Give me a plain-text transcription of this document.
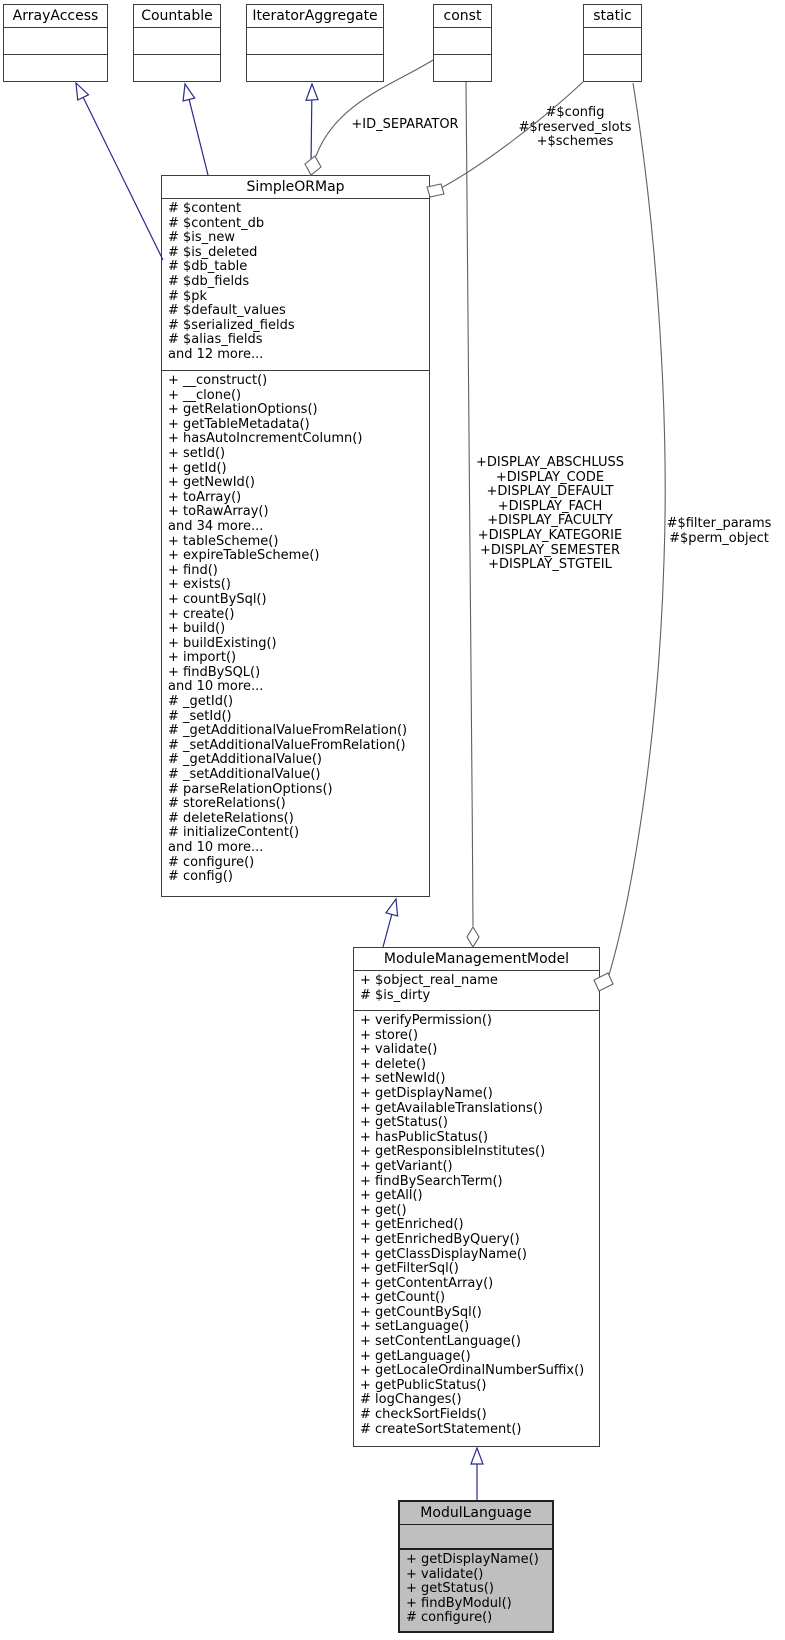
+ID_SEPARATOR
#$config
#$reserved_slots
+$schemes
+DISPLAY_ABSCHLUSS
+DISPLAY_CODE
+DISPLAY_DEFAULT
+DISPLAY_FACH
+DISPLAY_FACULTY
+DISPLAY_KATEGORIE
+DISPLAY_SEMESTER
+DISPLAY_STGTEIL
#$filter_params
#$perm_object
ArrayAccess	Countable	IteratorAggregate	const	static
SimpleORMap
# $content
# $content_db
# $is_new
# $is_deleted
# $db_table
# $db_fields
# $pk
# $default_values
# $serialized_fields
# $alias_fields
and 12 more...
+ __construct()
+ __clone()
+ getRelationOptions()
+ getTableMetadata()
+ hasAutoIncrementColumn()
+ setId()
+ getId()
+ getNewId()
+ toArray()
+ toRawArray()
and 34 more...
+ tableScheme()
+ expireTableScheme()
+ find()
+ exists()
+ countBySql()
+ create()
+ build()
+ buildExisting()
+ import()
+ findBySQL()
and 10 more...
# _getId()
# _setId()
# _getAdditionalValueFromRelation()
# _setAdditionalValueFromRelation()
# _getAdditionalValue()
# _setAdditionalValue()
# parseRelationOptions()
# storeRelations()
# deleteRelations()
# initializeContent()
and 10 more...
# configure()
# config()
ModuleManagementModel
+ $object_real_name
# $is_dirty
+ verifyPermission()
+ store()
+ validate()
+ delete()
+ setNewId()
+ getDisplayName()
+ getAvailableTranslations()
+ getStatus()
+ hasPublicStatus()
+ getResponsibleInstitutes()
+ getVariant()
+ findBySearchTerm()
+ getAll()
+ get()
+ getEnriched()
+ getEnrichedByQuery()
+ getClassDisplayName()
+ getFilterSql()
+ getContentArray()
+ getCount()
+ getCountBySql()
+ setLanguage()
+ setContentLanguage()
+ getLanguage()
+ getLocaleOrdinalNumberSuffix()
+ getPublicStatus()
# logChanges()
# checkSortFields()
# createSortStatement()
ModulLanguage
+ getDisplayName()
+ validate()
+ getStatus()
+ findByModul()
# configure()
